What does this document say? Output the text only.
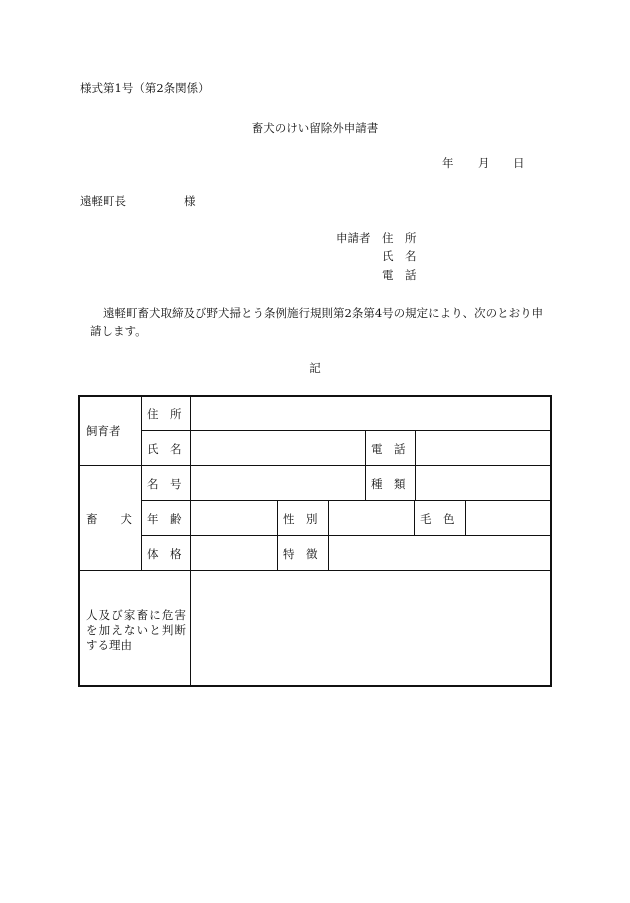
様式第1号（第2条関係）
畜犬のけい留除外申請書
年 月 日
遠軽町長	様
申請者 住　所
氏　名
電　話
遠軽町畜犬取締及び野犬掃とう条例施行規則第2条第4号の規定により、次のとおり申
請します。
記
飼育者
住　所
氏　名	電　話
畜　　犬
名　号	種　類
年　齢	性　別	毛　色
体　格	特　徴
人及び家畜に危害を加えないと判断する理由
